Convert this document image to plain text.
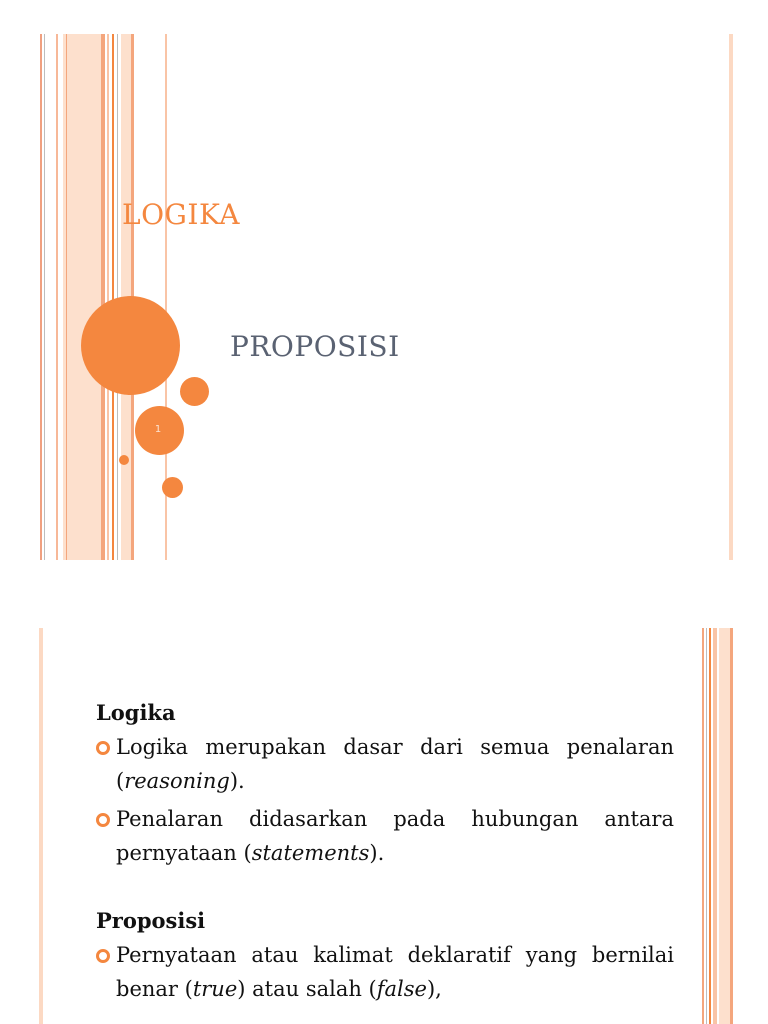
LOGIKA
PROPOSISI
1
Logika
Logika merupakan dasar dari semua penalaran (reasoning).
Penalaran didasarkan pada hubungan antara pernyataan (statements).
Proposisi
Pernyataan atau kalimat deklaratif yang bernilai benar (true) atau salah (false),
